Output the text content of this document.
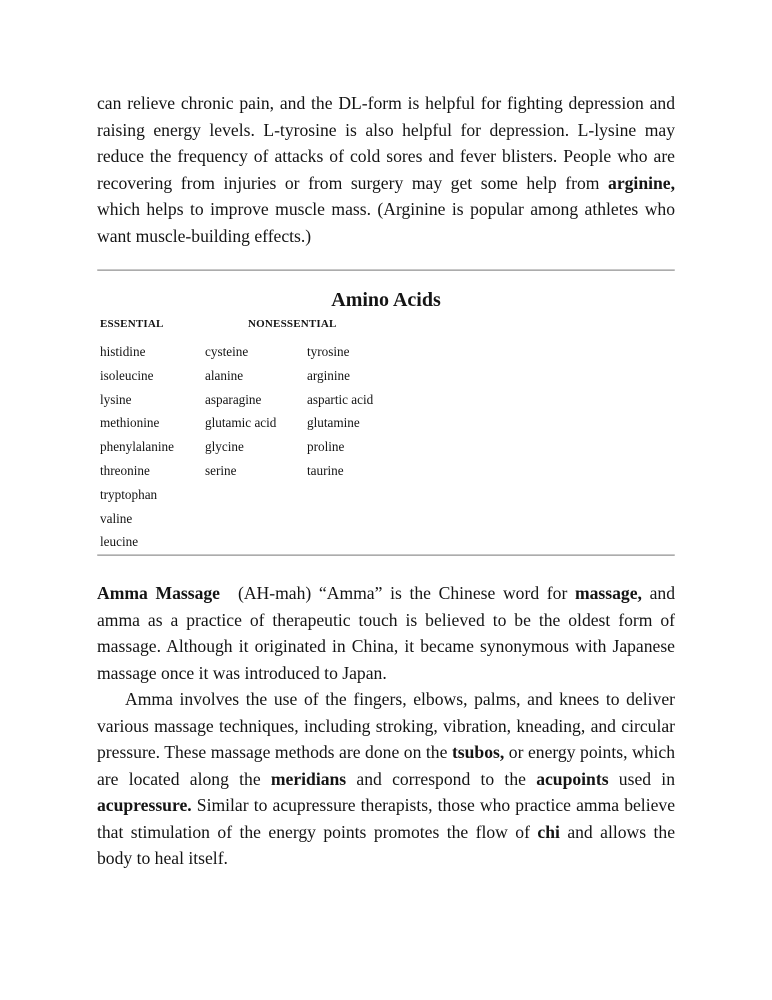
can relieve chronic pain, and the DL-form is helpful for fighting depression and raising energy levels. L-tyrosine is also helpful for depression. L-lysine may reduce the frequency of attacks of cold sores and fever blisters. People who are recovering from injuries or from surgery may get some help from arginine, which helps to improve muscle mass. (Arginine is popular among athletes who want muscle-building effects.)

Amino Acids
ESSENTIAL	NONESSENTIAL
histidine
isoleucine
lysine
methionine
phenylalanine
threonine
tryptophan
valine
leucine
cysteine
alanine
asparagine
glutamic acid
glycine
serine
tyrosine
arginine
aspartic acid
glutamine
proline
taurine

Amma Massage (AH-mah) “Amma” is the Chinese word for massage, and amma as a practice of therapeutic touch is believed to be the oldest form of massage. Although it originated in China, it became synonymous with Japanese massage once it was introduced to Japan.

Amma involves the use of the fingers, elbows, palms, and knees to deliver various massage techniques, including stroking, vibration, kneading, and circular pressure. These massage methods are done on the tsubos, or energy points, which are located along the meridians and correspond to the acupoints used in acupressure. Similar to acupressure therapists, those who practice amma believe that stimulation of the energy points promotes the flow of chi and allows the body to heal itself.
